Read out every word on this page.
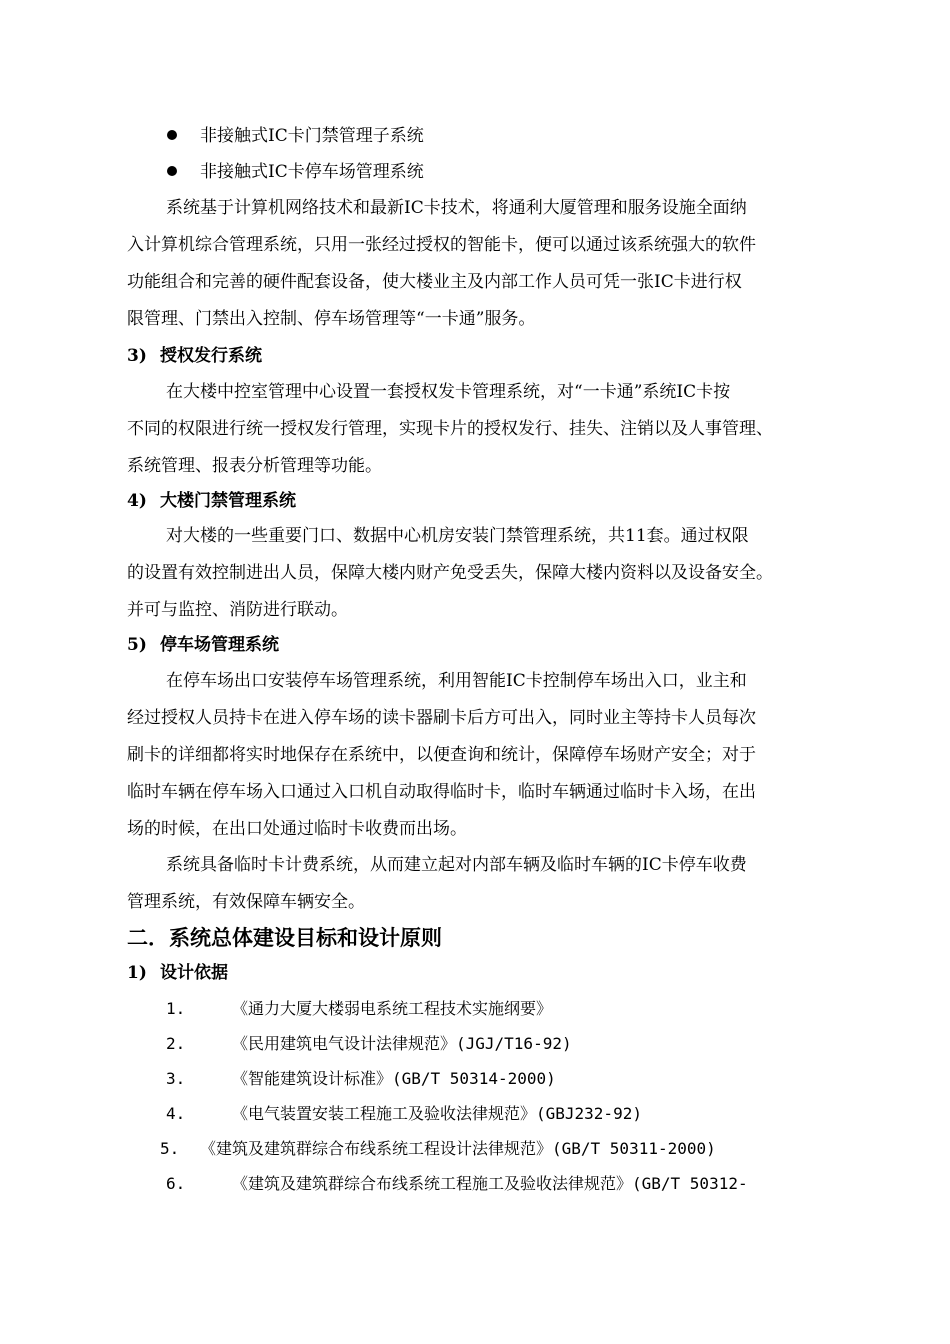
非接触式IC卡门禁管理子系统
非接触式IC卡停车场管理系统
系统基于计算机网络技术和最新IC卡技术，将通利大厦管理和服务设施全面纳
入计算机综合管理系统，只用一张经过授权的智能卡，便可以通过该系统强大的软件
功能组合和完善的硬件配套设备，使大楼业主及内部工作人员可凭一张IC卡进行权
限管理、门禁出入控制、停车场管理等“一卡通”服务。
3) 授权发行系统
在大楼中控室管理中心设置一套授权发卡管理系统，对“一卡通”系统IC卡按
不同的权限进行统一授权发行管理，实现卡片的授权发行、挂失、注销以及人事管理、
系统管理、报表分析管理等功能。
4) 大楼门禁管理系统
对大楼的一些重要门口、数据中心机房安装门禁管理系统，共11套。通过权限
的设置有效控制进出人员，保障大楼内财产免受丢失，保障大楼内资料以及设备安全。
并可与监控、消防进行联动。
5) 停车场管理系统
在停车场出口安装停车场管理系统，利用智能IC卡控制停车场出入口，业主和
经过授权人员持卡在进入停车场的读卡器刷卡后方可出入，同时业主等持卡人员每次
刷卡的详细都将实时地保存在系统中，以便查询和统计，保障停车场财产安全；对于
临时车辆在停车场入口通过入口机自动取得临时卡，临时车辆通过临时卡入场，在出
场的时候，在出口处通过临时卡收费而出场。
系统具备临时卡计费系统，从而建立起对内部车辆及临时车辆的IC卡停车收费
管理系统，有效保障车辆安全。
二．系统总体建设目标和设计原则
1) 设计依据
1.	《通力大厦大楼弱电系统工程技术实施纲要》
2.	《民用建筑电气设计法律规范》(JGJ/T16-92)
3.	《智能建筑设计标准》(GB/T 50314-2000)
4.	《电气装置安装工程施工及验收法律规范》(GBJ232-92)
5. 《建筑及建筑群综合布线系统工程设计法律规范》(GB/T 50311-2000)
6.	《建筑及建筑群综合布线系统工程施工及验收法律规范》(GB/T 50312-
